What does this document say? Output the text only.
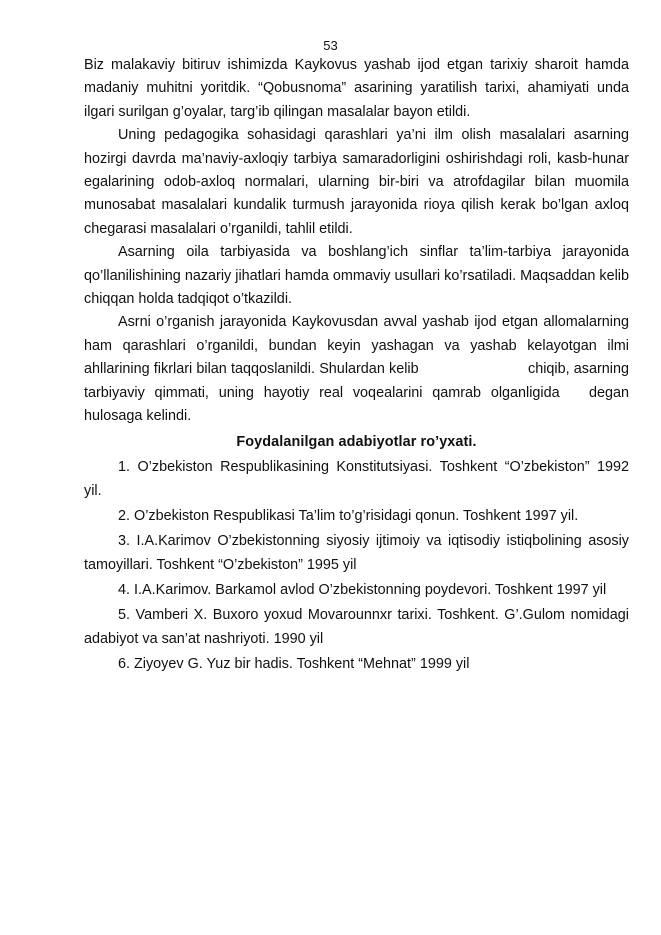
53

Biz malakaviy bitiruv ishimizda Kaykovus yashab ijod etgan tarixiy sharoit hamda madaniy muhitni yoritdik. “Qobusnoma” asarining yaratilish tarixi, ahamiyati unda ilgari surilgan g’oyalar, targ’ib qilingan masalalar bayon etildi.

Uning pedagogika sohasidagi qarashlari ya’ni ilm olish masalalari asarning hozirgi davrda ma’naviy-axloqiy tarbiya samaradorligini oshirishdagi roli, kasb-hunar egalarining odob-axloq normalari, ularning bir-biri va atrofdagilar bilan muomila munosabat masalalari kundalik turmush jarayonida rioya qilish kerak bo’lgan axloq chegarasi masalalari o’rganildi, tahlil etildi.

Asarning oila tarbiyasida va boshlang’ich sinflar ta’lim-tarbiya jarayonida qo’llanilishining nazariy jihatlari hamda ommaviy usullari ko’rsatiladi. Maqsaddan kelib chiqqan holda tadqiqot o’tkazildi.

Asrni o’rganish jarayonida Kaykovusdan avval yashab ijod etgan allomalarning ham qarashlari o’rganildi, bundan keyin yashagan va yashab kelayotgan ilmi ahllarining fikrlari bilan taqqoslanildi. Shulardan kelib                          chiqib, asarning tarbiyaviy qimmati, uning hayotiy real voqealarini qamrab olganligida   degan hulosaga kelindi.

Foydalanilgan adabiyotlar ro’yxati.

1. O’zbekiston Respublikasining Konstitutsiyasi. Toshkent “O’zbekiston” 1992 yil.

2. O’zbekiston Respublikasi Ta’lim to’g’risidagi qonun. Toshkent 1997 yil.

3. I.A.Karimov O’zbekistonning siyosiy ijtimoiy va iqtisodiy istiqbolining asosiy tamoyillari. Toshkent “O’zbekiston” 1995 yil

4. I.A.Karimov. Barkamol avlod O’zbekistonning poydevori. Toshkent 1997 yil

5. Vamberi X. Buxoro yoxud Movarounnxr tarixi. Toshkent. G’.Gulom nomidagi adabiyot va san’at nashriyoti. 1990 yil

6. Ziyoyev G. Yuz bir hadis. Toshkent “Mehnat” 1999 yil
